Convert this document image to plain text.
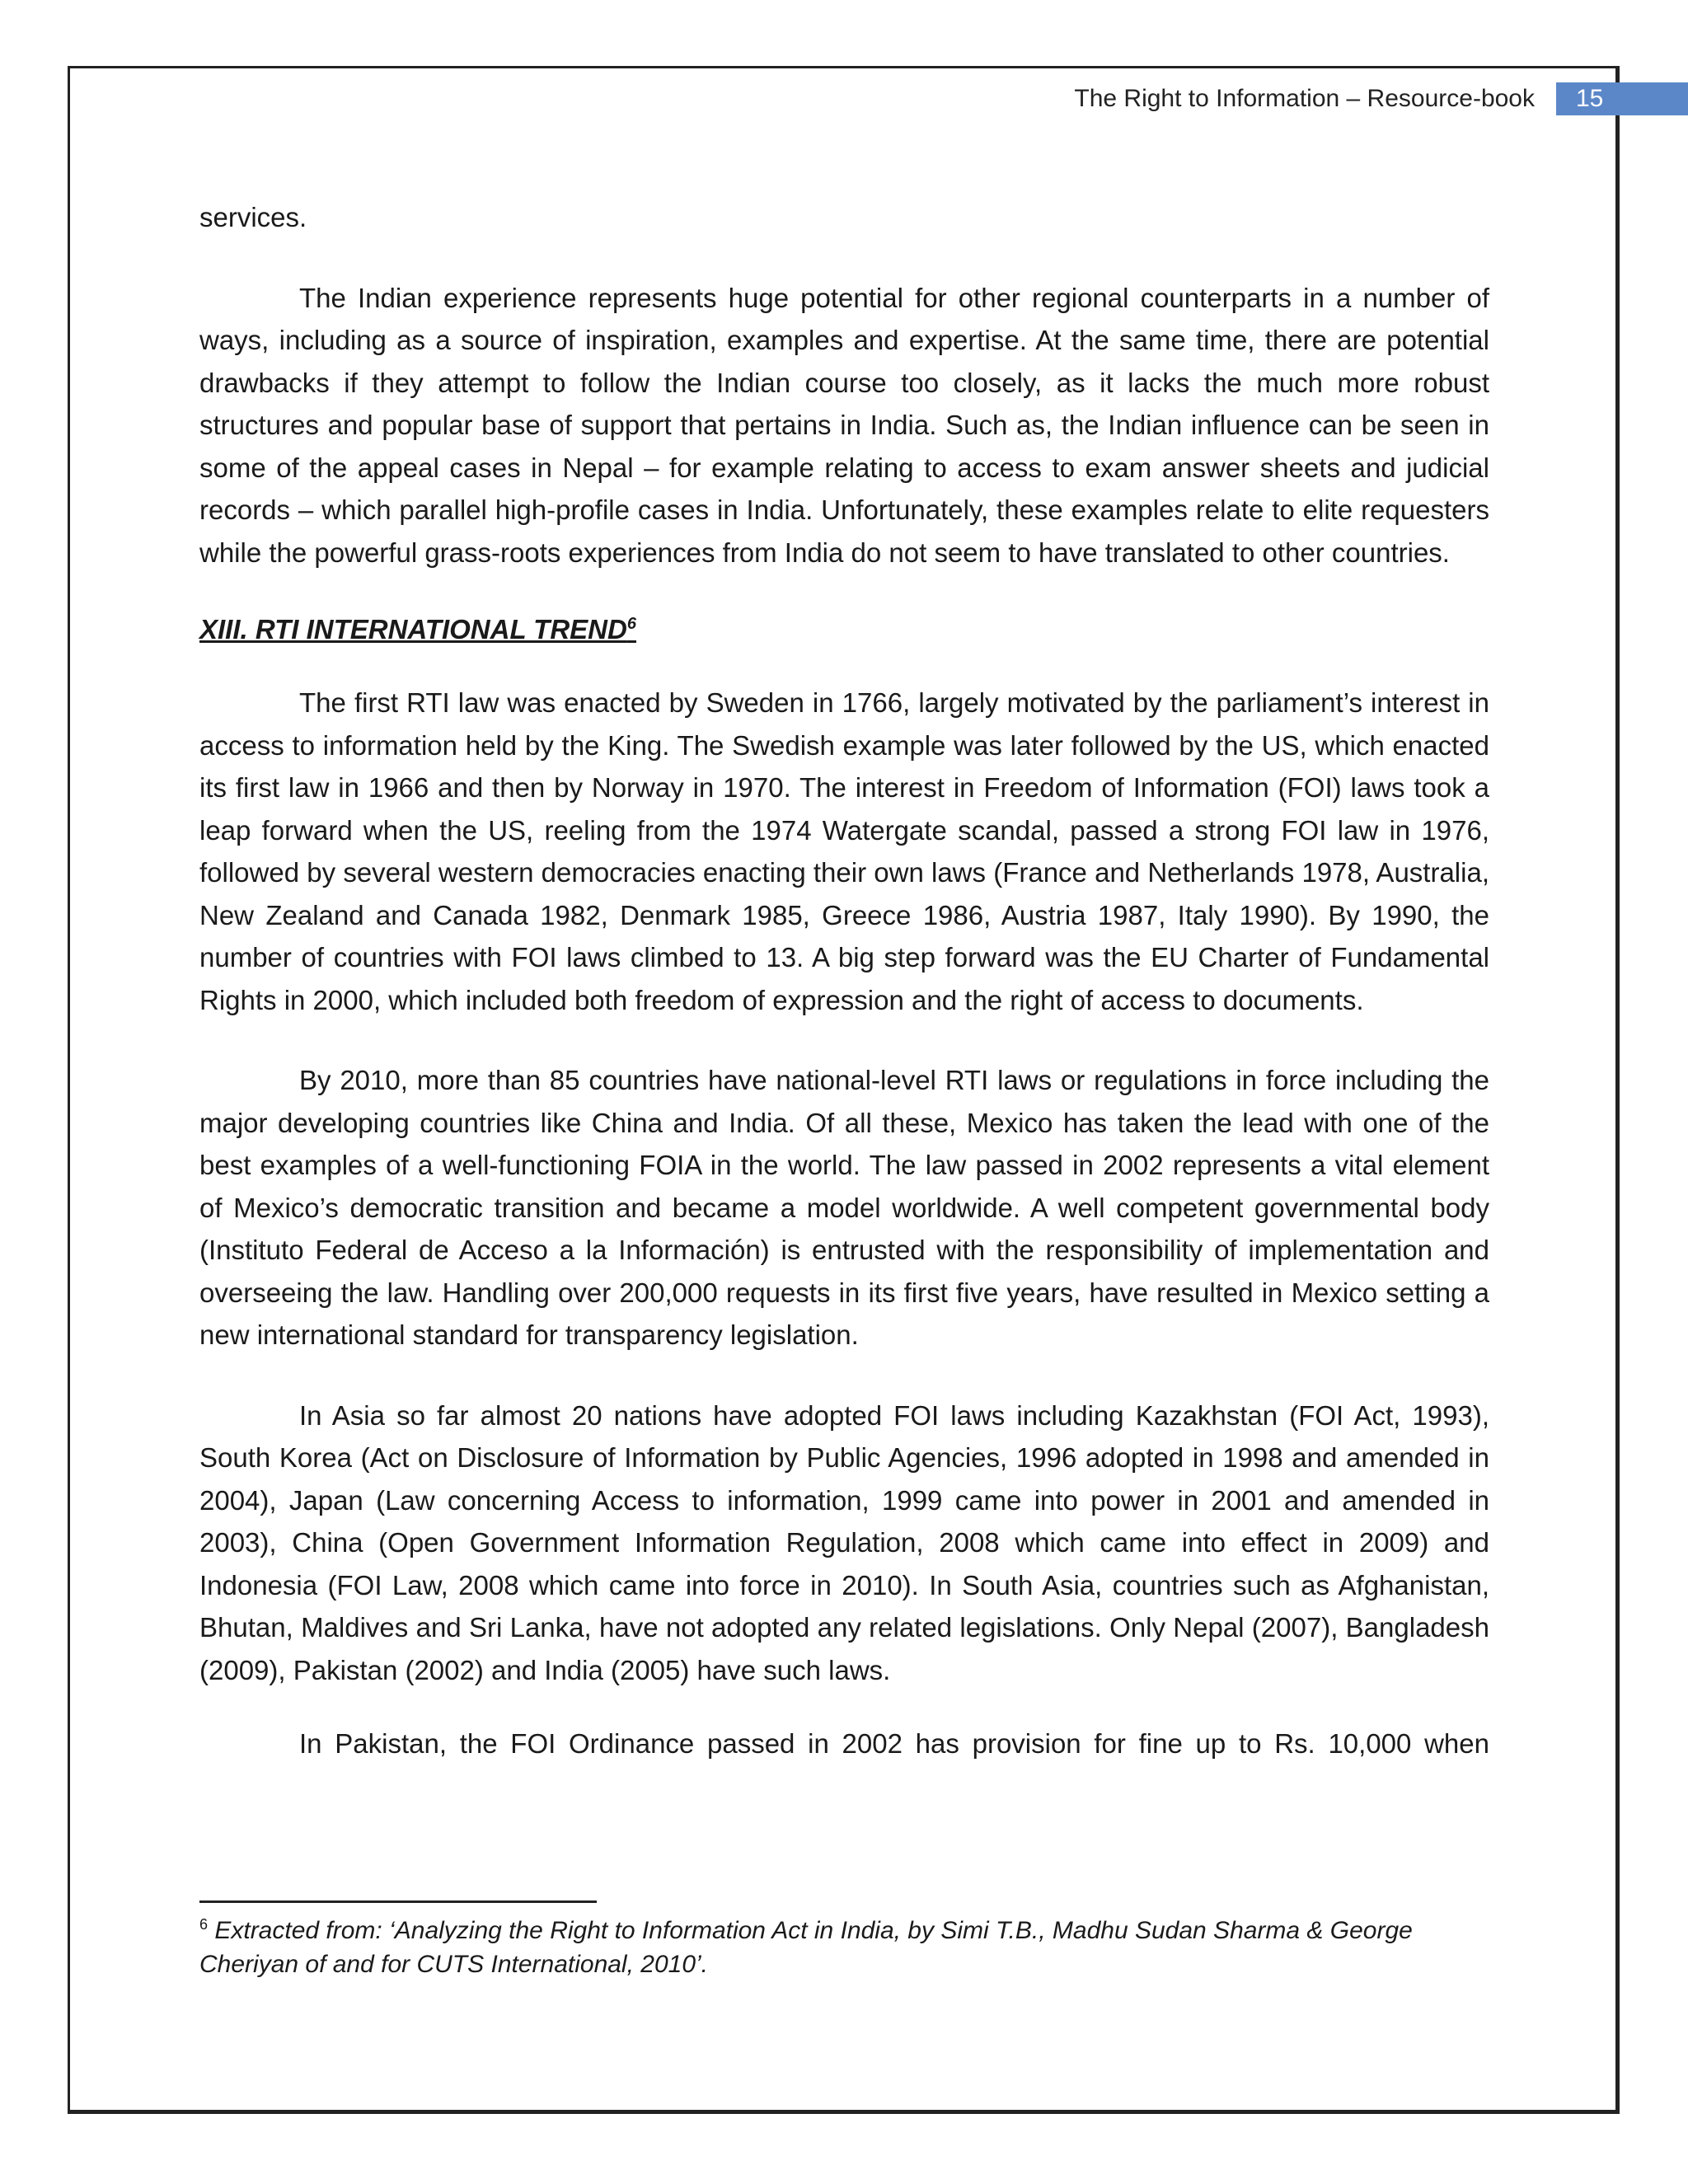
The Right to Information – Resource-book	15

services.

The Indian experience represents huge potential for other regional counterparts in a number of ways, including as a source of inspiration, examples and expertise. At the same time, there are potential drawbacks if they attempt to follow the Indian course too closely, as it lacks the much more robust structures and popular base of support that pertains in India. Such as, the Indian influence can be seen in some of the appeal cases in Nepal – for example relating to access to exam answer sheets and judicial records – which parallel high-profile cases in India. Unfortunately, these examples relate to elite requesters while the powerful grass-roots experiences from India do not seem to have translated to other countries.

XIII. RTI INTERNATIONAL TREND$^6$

The first RTI law was enacted by Sweden in 1766, largely motivated by the parliament’s interest in access to information held by the King. The Swedish example was later followed by the US, which enacted its first law in 1966 and then by Norway in 1970. The interest in Freedom of Information (FOI) laws took a leap forward when the US, reeling from the 1974 Watergate scandal, passed a strong FOI law in 1976, followed by several western democracies enacting their own laws (France and Netherlands 1978, Australia, New Zealand and Canada 1982, Denmark 1985, Greece 1986, Austria 1987, Italy 1990). By 1990, the number of countries with FOI laws climbed to 13. A big step forward was the EU Charter of Fundamental Rights in 2000, which included both freedom of expression and the right of access to documents.

By 2010, more than 85 countries have national-level RTI laws or regulations in force including the major developing countries like China and India. Of all these, Mexico has taken the lead with one of the best examples of a well-functioning FOIA in the world. The law passed in 2002 represents a vital element of Mexico’s democratic transition and became a model worldwide. A well competent governmental body (Instituto Federal de Acceso a la Información) is entrusted with the responsibility of implementation and overseeing the law. Handling over 200,000 requests in its first five years, have resulted in Mexico setting a new international standard for transparency legislation.

In Asia so far almost 20 nations have adopted FOI laws including Kazakhstan (FOI Act, 1993), South Korea (Act on Disclosure of Information by Public Agencies, 1996 adopted in 1998 and amended in 2004), Japan (Law concerning Access to information, 1999 came into power in 2001 and amended in 2003), China (Open Government Information Regulation, 2008 which came into effect in 2009) and Indonesia (FOI Law, 2008 which came into force in 2010). In South Asia, countries such as Afghanistan, Bhutan, Maldives and Sri Lanka, have not adopted any related legislations. Only Nepal (2007), Bangladesh (2009), Pakistan (2002) and India (2005) have such laws.

In Pakistan, the FOI Ordinance passed in 2002 has provision for fine up to Rs. 10,000 when

$^6$ Extracted from: ‘Analyzing the Right to Information Act in India, by Simi T.B., Madhu Sudan Sharma & George Cheriyan of and for CUTS International, 2010’.
